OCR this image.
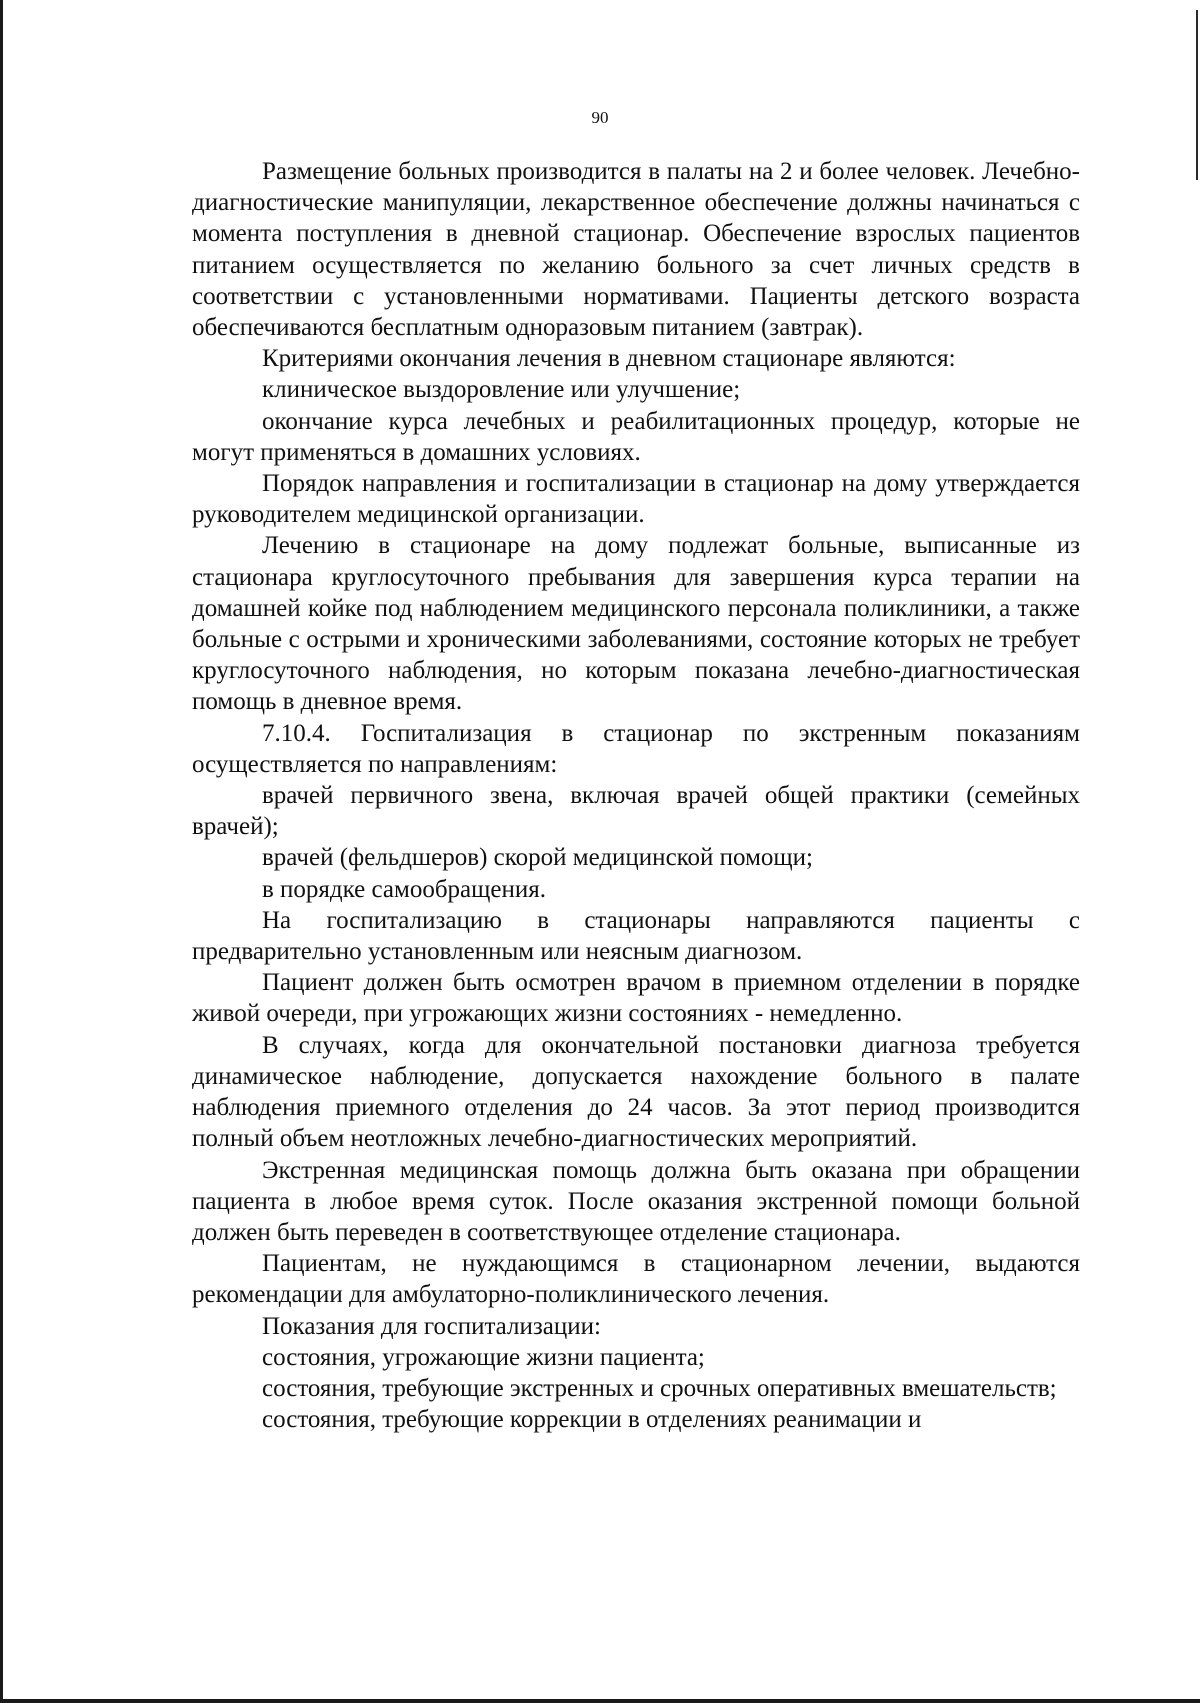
90

Размещение больных производится в палаты на 2 и более человек. Лечебно-диагностические манипуляции, лекарственное обеспечение должны начинаться с момента поступления в дневной стационар. Обеспечение взрослых пациентов питанием осуществляется по желанию больного за счет личных средств в соответствии с установленными нормативами. Пациенты детского возраста обеспечиваются бесплатным одноразовым питанием (завтрак).

Критериями окончания лечения в дневном стационаре являются:

клиническое выздоровление или улучшение;

окончание курса лечебных и реабилитационных процедур, которые не могут применяться в домашних условиях.

Порядок направления и госпитализации в стационар на дому утверждается руководителем медицинской организации.

Лечению в стационаре на дому подлежат больные, выписанные из стационара круглосуточного пребывания для завершения курса терапии на домашней койке под наблюдением медицинского персонала поликлиники, а также больные с острыми и хроническими заболеваниями, состояние которых не требует круглосуточного наблюдения, но которым показана лечебно-диагностическая помощь в дневное время.

7.10.4. Госпитализация в стационар по экстренным показаниям осуществляется по направлениям:

врачей первичного звена, включая врачей общей практики (семейных врачей);

врачей (фельдшеров) скорой медицинской помощи;

в порядке самообращения.

На госпитализацию в стационары направляются пациенты с предварительно установленным или неясным диагнозом.

Пациент должен быть осмотрен врачом в приемном отделении в порядке живой очереди, при угрожающих жизни состояниях - немедленно.

В случаях, когда для окончательной постановки диагноза требуется динамическое наблюдение, допускается нахождение больного в палате наблюдения приемного отделения до 24 часов. За этот период производится полный объем неотложных лечебно-диагностических мероприятий.

Экстренная медицинская помощь должна быть оказана при обращении пациента в любое время суток. После оказания экстренной помощи больной должен быть переведен в соответствующее отделение стационара.

Пациентам, не нуждающимся в стационарном лечении, выдаются рекомендации для амбулаторно-поликлинического лечения.

Показания для госпитализации:

состояния, угрожающие жизни пациента;

состояния, требующие экстренных и срочных оперативных вмешательств;

состояния, требующие коррекции в отделениях реанимации и
